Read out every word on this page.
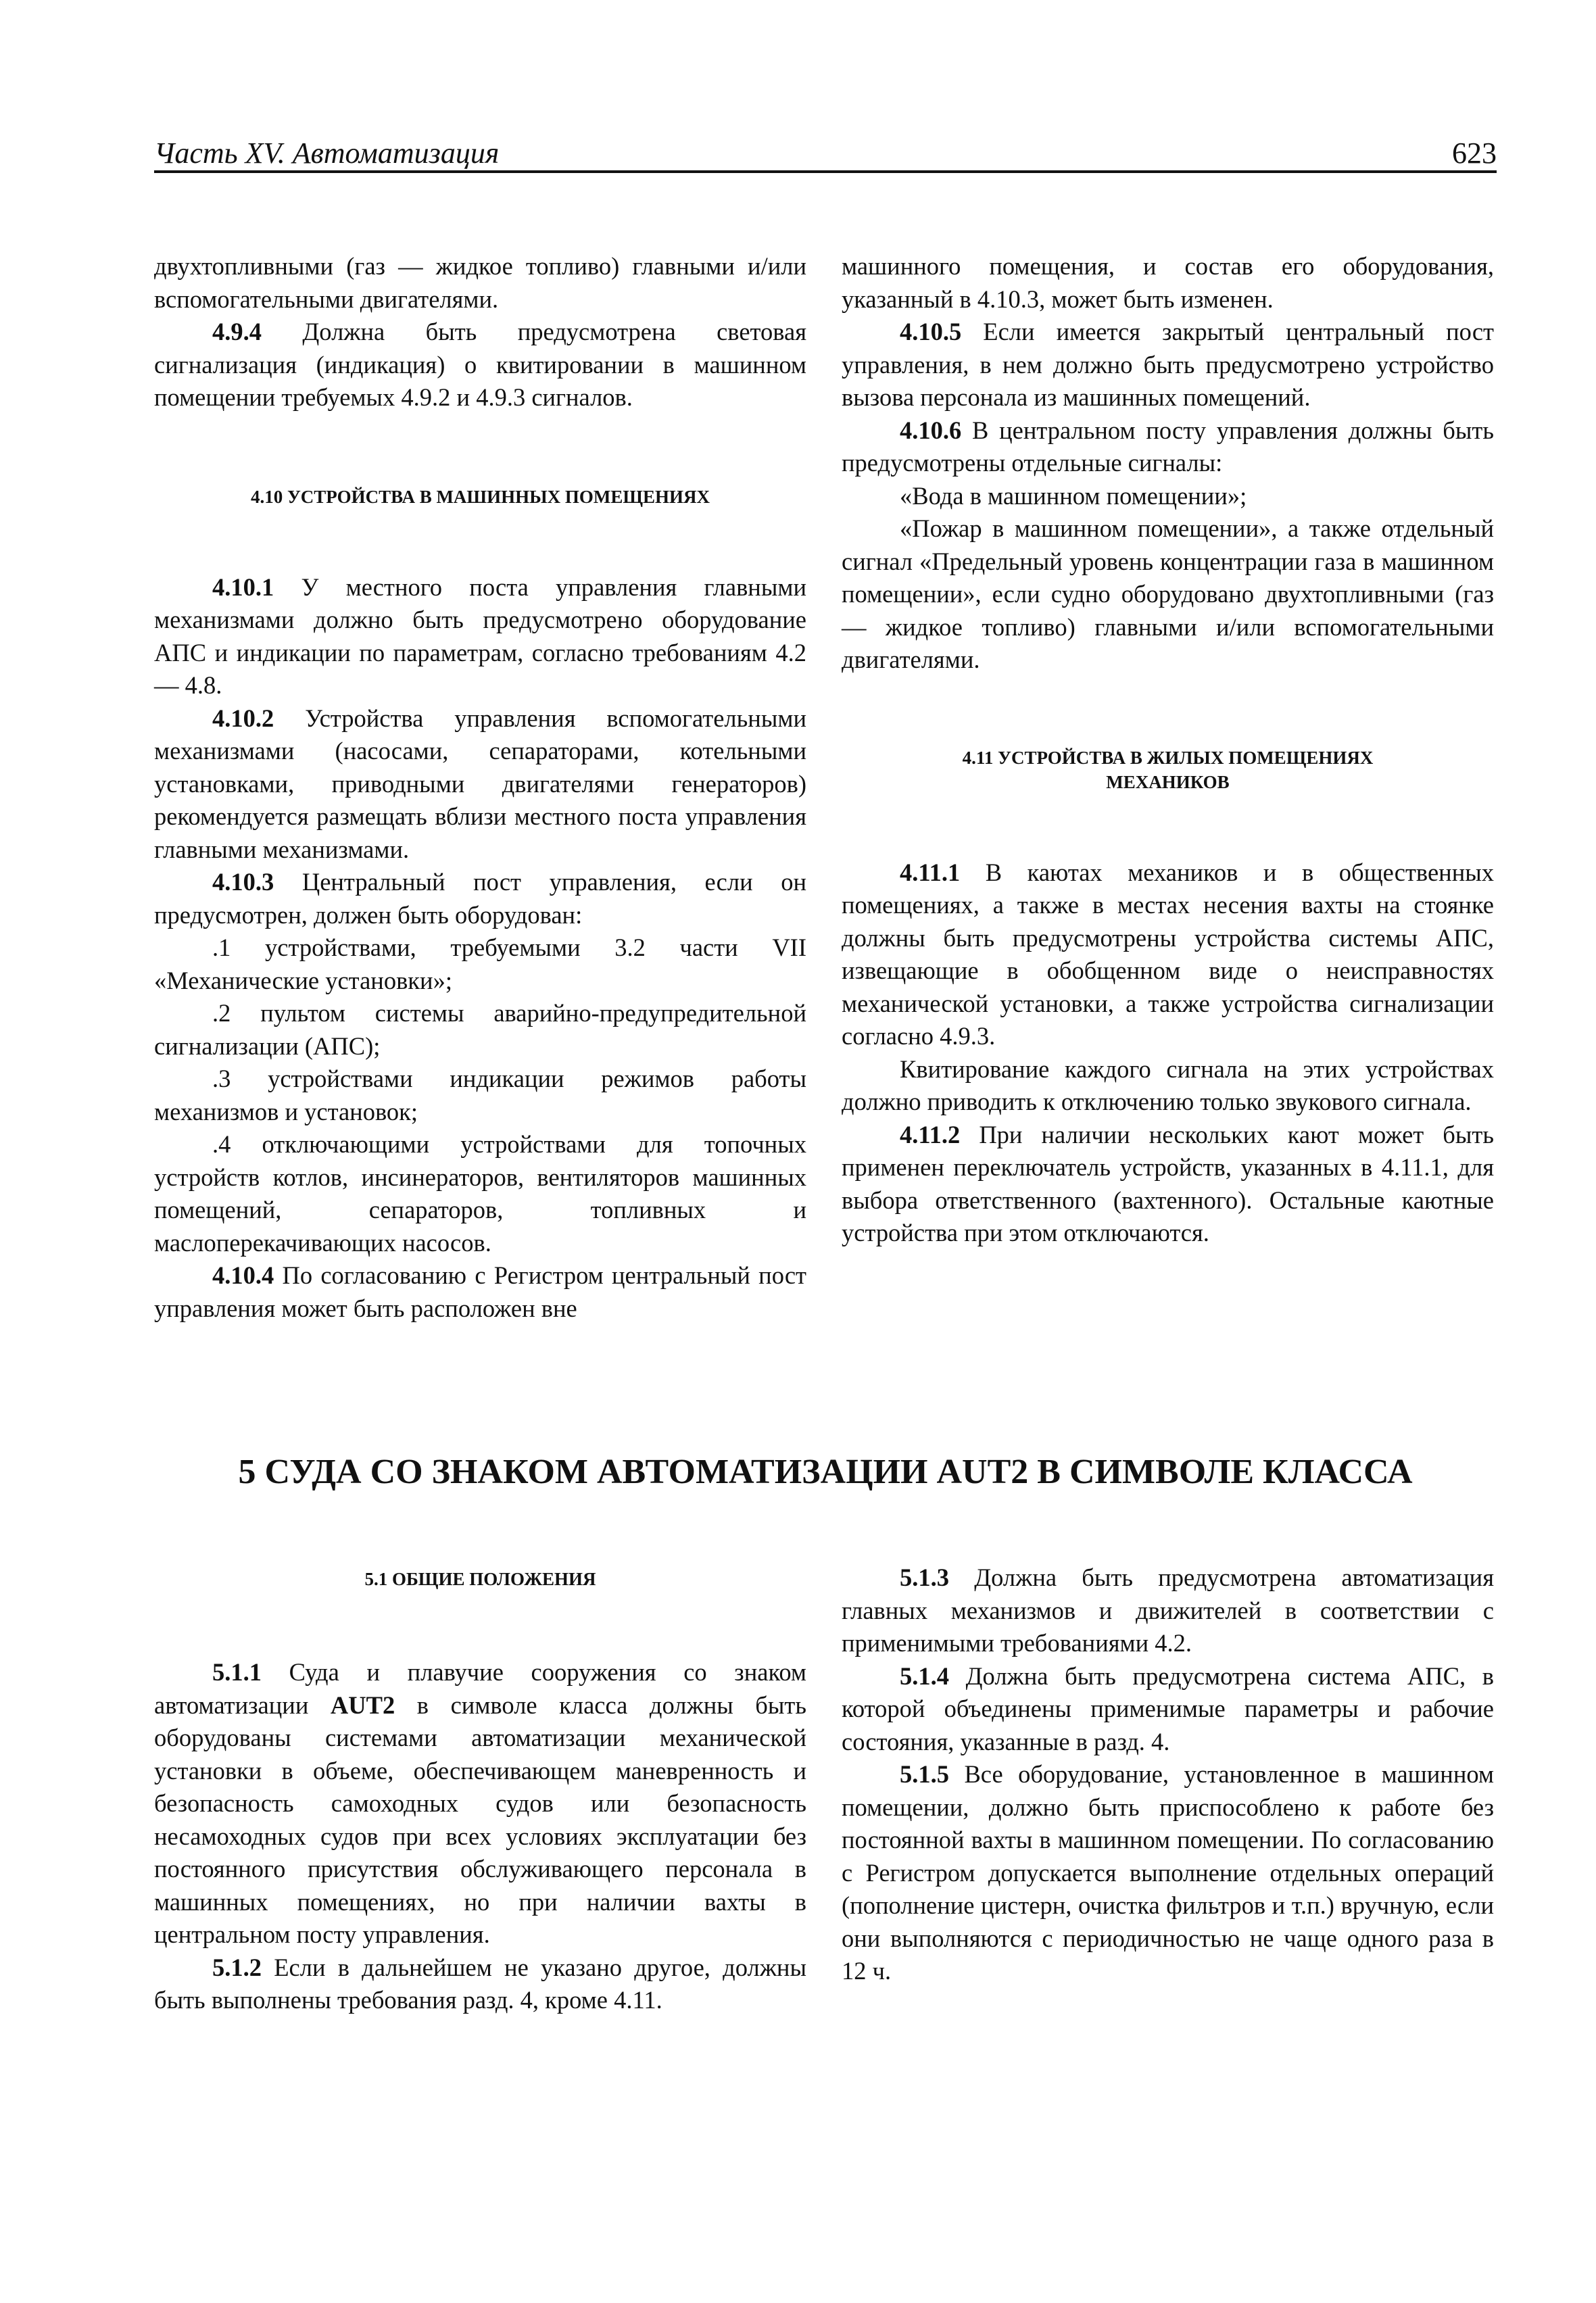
Часть XV. Автоматизация	623

двухтопливными (газ — жидкое топливо) главными и/или вспомогательными двигателями.

4.9.4 Должна быть предусмотрена световая сигнализация (индикация) о квитировании в машинном помещении требуемых 4.9.2 и 4.9.3 сигналов.

4.10 УСТРОЙСТВА В МАШИННЫХ ПОМЕЩЕНИЯХ

4.10.1 У местного поста управления главными механизмами должно быть предусмотрено оборудование АПС и индикации по параметрам, согласно требованиям 4.2 — 4.8.

4.10.2 Устройства управления вспомогательными механизмами (насосами, сепараторами, котельными установками, приводными двигателями генераторов) рекомендуется размещать вблизи местного поста управления главными механизмами.

4.10.3 Центральный пост управления, если он предусмотрен, должен быть оборудован:

.1 устройствами, требуемыми 3.2 части VII «Механические установки»;

.2 пультом системы аварийно-предупредительной сигнализации (АПС);

.3 устройствами индикации режимов работы механизмов и установок;

.4 отключающими устройствами для топочных устройств котлов, инсинераторов, вентиляторов машинных помещений, сепараторов, топливных и маслоперекачивающих насосов.

4.10.4 По согласованию с Регистром центральный пост управления может быть расположен вне

машинного помещения, и состав его оборудования, указанный в 4.10.3, может быть изменен.

4.10.5 Если имеется закрытый центральный пост управления, в нем должно быть предусмотрено устройство вызова персонала из машинных помещений.

4.10.6 В центральном посту управления должны быть предусмотрены отдельные сигналы:

«Вода в машинном помещении»;

«Пожар в машинном помещении», а также отдельный сигнал «Предельный уровень концентрации газа в машинном помещении», если судно оборудовано двухтопливными (газ — жидкое топливо) главными и/или вспомогательными двигателями.

4.11 УСТРОЙСТВА В ЖИЛЫХ ПОМЕЩЕНИЯХ

МЕХАНИКОВ

4.11.1 В каютах механиков и в общественных помещениях, а также в местах несения вахты на стоянке должны быть предусмотрены устройства системы АПС, извещающие в обобщенном виде о неисправностях механической установки, а также устройства сигнализации согласно 4.9.3.

Квитирование каждого сигнала на этих устройствах должно приводить к отключению только звукового сигнала.

4.11.2 При наличии нескольких кают может быть применен переключатель устройств, указанных в 4.11.1, для выбора ответственного (вахтенного). Остальные каютные устройства при этом отключаются.

5 СУДА СО ЗНАКОМ АВТОМАТИЗАЦИИ AUT2 В СИМВОЛЕ КЛАССА

5.1 ОБЩИЕ ПОЛОЖЕНИЯ

5.1.1 Суда и плавучие сооружения со знаком автоматизации AUT2 в символе класса должны быть оборудованы системами автоматизации механической установки в объеме, обеспечивающем маневренность и безопасность самоходных судов или безопасность несамоходных судов при всех условиях эксплуатации без постоянного присутствия обслуживающего персонала в машинных помещениях, но при наличии вахты в центральном посту управления.

5.1.2 Если в дальнейшем не указано другое, должны быть выполнены требования разд. 4, кроме 4.11.

5.1.3 Должна быть предусмотрена автоматизация главных механизмов и движителей в соответствии с применимыми требованиями 4.2.

5.1.4 Должна быть предусмотрена система АПС, в которой объединены применимые параметры и рабочие состояния, указанные в разд. 4.

5.1.5 Все оборудование, установленное в машинном помещении, должно быть приспособлено к работе без постоянной вахты в машинном помещении. По согласованию с Регистром допускается выполнение отдельных операций (пополнение цистерн, очистка фильтров и т.п.) вручную, если они выполняются с периодичностью не чаще одного раза в 12 ч.
